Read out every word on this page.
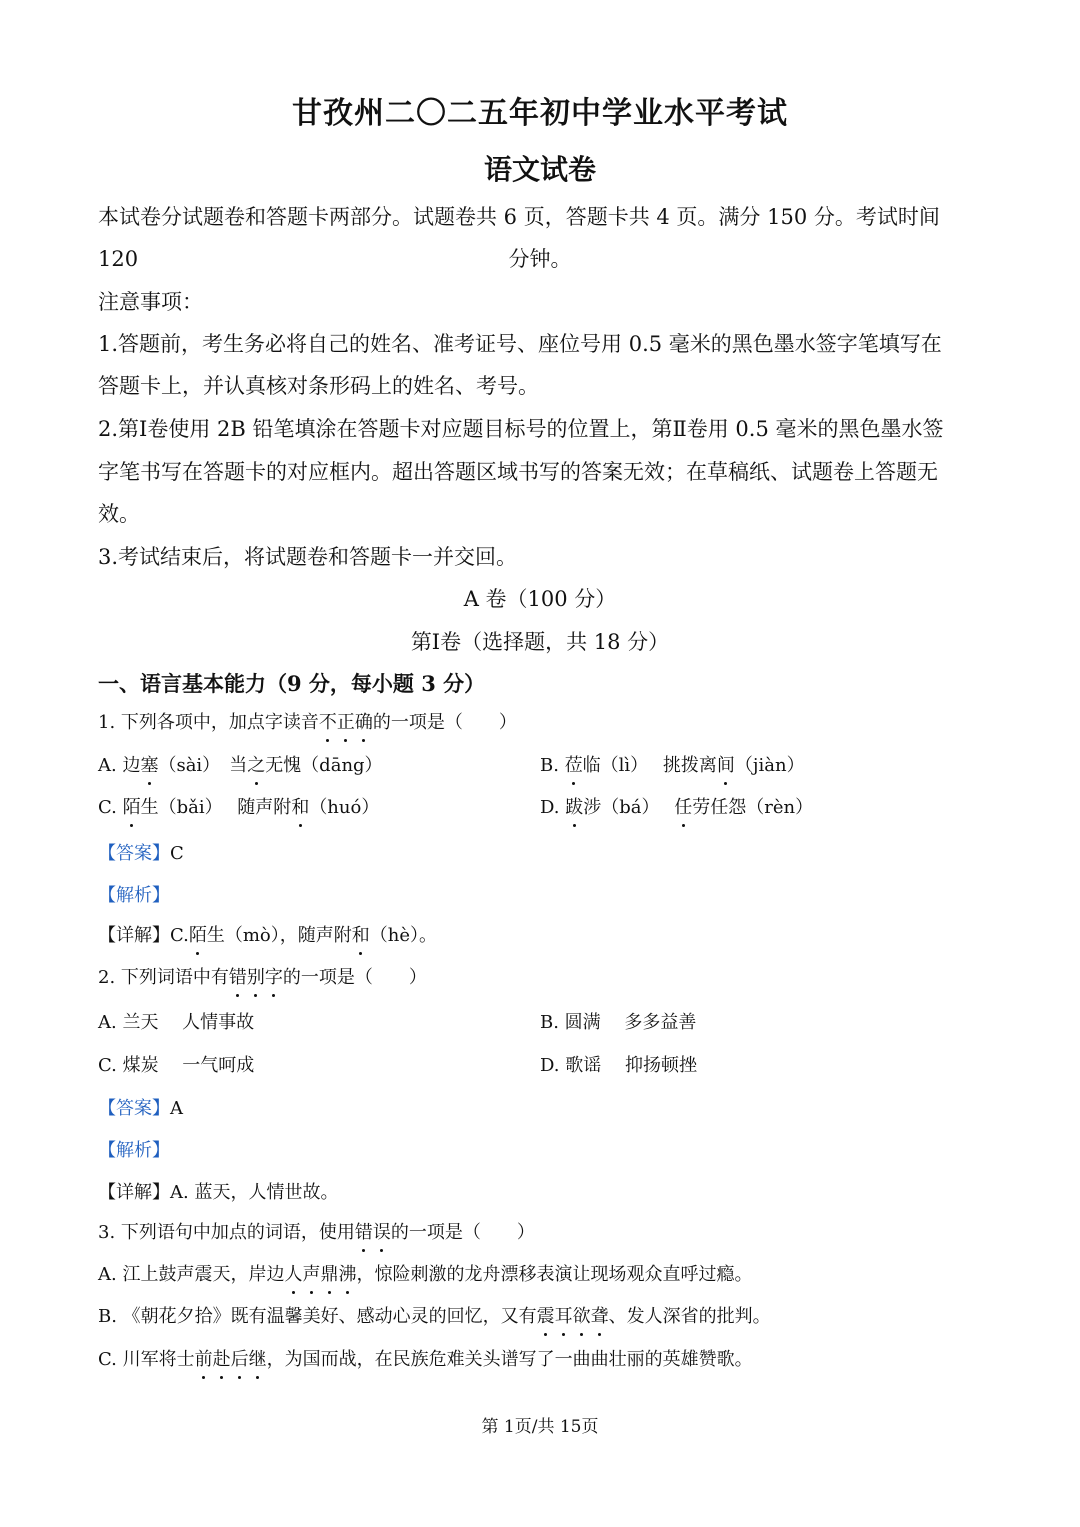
甘孜州二〇二五年初中学业水平考试
语文试卷
本试卷分试题卷和答题卡两部分。试题卷共 6 页，答题卡共 4 页。满分 150 分。考试时间 120	分钟。
注意事项：
1.答题前，考生务必将自己的姓名、准考证号、座位号用 0.5 毫米的黑色墨水签字笔填写在
答题卡上，并认真核对条形码上的姓名、考号。
2.第Ⅰ卷使用 2B 铅笔填涂在答题卡对应题目标号的位置上，第Ⅱ卷用 0.5 毫米的黑色墨水签
字笔书写在答题卡的对应框内。超出答题区域书写的答案无效；在草稿纸、试题卷上答题无
效。
3.考试结束后，将试题卷和答题卡一并交回。
A 卷（100 分）
第Ⅰ卷（选择题，共 18 分）
一、语言基本能力（9 分，每小题 3 分）
1. 下列各项中，加点字读音不正确的一项是（　　）
A. 边塞（sài）　当之无愧（dāng）	B. 莅临（lì）　 挑拨离间（jiàn）
C. 陌生（bǎi）　 随声附和（huó）	D. 跋涉（bá）　 任劳任怨（rèn）
【答案】C
【解析】
【详解】C.陌生（mò），随声附和（hè）。
2. 下列词语中有错别字的一项是（　　）
A. 兰天　 人情事故	B. 圆满　 多多益善
C. 煤炭　 一气呵成	D. 歌谣　 抑扬顿挫
【答案】A
【解析】
【详解】A. 蓝天，人情世故。
3. 下列语句中加点的词语，使用错误的一项是（　　）
A. 江上鼓声震天，岸边人声鼎沸，惊险刺激的龙舟漂移表演让现场观众直呼过瘾。
B. 《朝花夕拾》既有温馨美好、感动心灵的回忆，又有震耳欲聋、发人深省的批判。
C. 川军将士前赴后继，为国而战，在民族危难关头谱写了一曲曲壮丽的英雄赞歌。
第 1页/共 15页
